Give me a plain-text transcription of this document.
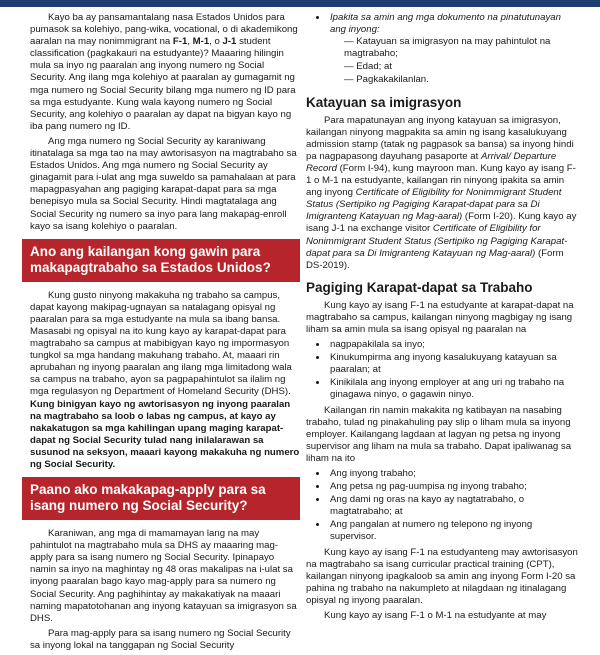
Kayo ba ay pansamantalang nasa Estados Unidos para pumasok sa kolehiyo, pang-wika, vocational, o di akademikong aaralan na may nonimmigrant na F-1, M-1, o J-1 student classification (pagkakauri na estudyante)? Maaaring hilingin mula sa inyo ng paaralan ang inyong numero ng Social Security. Ang ilang mga kolehiyo at paaralan ay gumagamit ng mga numero ng Social Security bilang mga numero ng ID para sa mga estudyante. Kung wala kayong numero ng Social Security, ang kolehiyo o paaralan ay dapat na bigyan kayo ng iba pang numero ng ID.

Ang mga numero ng Social Security ay karaniwang itinatalaga sa mga tao na may awtorisasyon na magtrabaho sa Estados Unidos. Ang mga numero ng Social Security ay ginagamit para i-ulat ang mga suweldo sa pamahalaan at para mapagpasyahan ang pagiging karapat-dapat para sa mga benepisyo mula sa Social Security. Hindi magtatalaga ang Social Security ng numero sa inyo para lang makapag-enroll kayo sa isang kolehiyo o paaralan.

Ano ang kailangan kong gawin para makapagtrabaho sa Estados Unidos?

Kung gusto ninyong makakuha ng trabaho sa campus, dapat kayong makipag-ugnayan sa natalagang opisyal ng paaralan para sa mga estudyante na mula sa ibang bansa. Masasabi ng opisyal na ito kung kayo ay karapat-dapat para magtrabaho sa campus at mabibigyan kayo ng impormasyon tungkol sa mga handang makuhang trabaho. At, maaari rin aprubahan ng inyong paaralan ang ilang mga limitadong wala sa campus na trabaho, ayon sa pagpapahintulot sa ilalim ng mga regulasyon ng Department of Homeland Security (DHS). Kung binigyan kayo ng awtorisasyon ng inyong paaralan na magtrabaho sa loob o labas ng campus, at kayo ay nakakatugon sa mga kahilingan upang maging karapat-dapat ng Social Security tulad nang inilalarawan sa susunod na seksyon, maaari kayong makakuha ng numero ng Social Security.

Paano ako makakapag-apply para sa isang numero ng Social Security?

Karaniwan, ang mga di mamamayan lang na may pahintulot na magtrabaho mula sa DHS ay maaaring mag-apply para sa isang numero ng Social Security. Ipinapayo namin sa inyo na maghintay ng 48 oras makalipas na i-ulat sa inyong paaralan bago kayo mag-apply para sa numero ng Social Security. Ang paghihintay ay makakatiyak na maaari naming mapatotohanan ang inyong katayuan sa imigrasyon sa DHS.

Para mag-apply para sa isang numero ng Social Security sa inyong lokal na tanggapan ng Social Security

• Ipakita sa amin ang mga dokumento na pinatutunayan ang inyong:
— Katayuan sa imigrasyon na may pahintulot na magtrabaho;
— Edad; at
— Pagkakakilanlan.
Katayuan sa imigrasyon

Para mapatunayan ang inyong katayuan sa imigrasyon, kailangan ninyong magpakita sa amin ng isang kasalukuyang admission stamp (tatak ng pagpasok sa bansa) sa inyong hindi pa nagpapasong dayuhang pasaporte at Arrival/ Departure Record (Form I-94), kung mayroon man. Kung kayo ay isang F-1 o M-1 na estudyante, kailangan rin ninyong ipakita sa amin ang inyong Certificate of Eligibility for Nonimmigrant Student Status (Sertipiko ng Pagiging Karapat-dapat para sa Di Imigranteng Katayuan ng Mag-aaral) (Form I-20). Kung kayo ay isang J-1 na exchange visitor Certificate of Eligibility for Nonimmigrant Student Status (Sertipiko ng Pagiging Karapat-dapat para sa Di Imigranteng Katayuan ng Mag-aaral) (Form DS-2019).

Pagiging Karapat-dapat sa Trabaho

Kung kayo ay isang F-1 na estudyante at karapat-dapat na magtrabaho sa campus, kailangan ninyong magbigay ng isang liham sa amin mula sa isang opisyal ng paaralan na

• nagpapakilala sa inyo;
• Kinukumpirma ang inyong kasalukuyang katayuan sa paaralan; at
• Kinikilala ang inyong employer at ang uri ng trabaho na ginagawa ninyo, o gagawin ninyo.

Kailangan rin namin makakita ng katibayan na nasabing trabaho, tulad ng pinakahuling pay slip o liham mula sa inyong employer. Kailangang lagdaan at lagyan ng petsa ng inyong supervisor ang liham na mula sa trabaho. Dapat ipaliwanag sa liham na ito

• Ang inyong trabaho;
• Ang petsa ng pag-uumpisa ng inyong trabaho;
• Ang dami ng oras na kayo ay nagtatrabaho, o magtatrabaho; at
• Ang pangalan at numero ng telepono ng inyong supervisor.

Kung kayo ay isang F-1 na estudyanteng may awtorisasyon na magtrabaho sa isang curricular practical training (CPT), kailangan ninyong ipagkaloob sa amin ang inyong Form I-20 sa pahina ng trabaho na nakumpleto at nilagdaan ng itinalagang opisyal ng inyong paaralan.

Kung kayo ay isang F-1 o M-1 na estudyante at may
